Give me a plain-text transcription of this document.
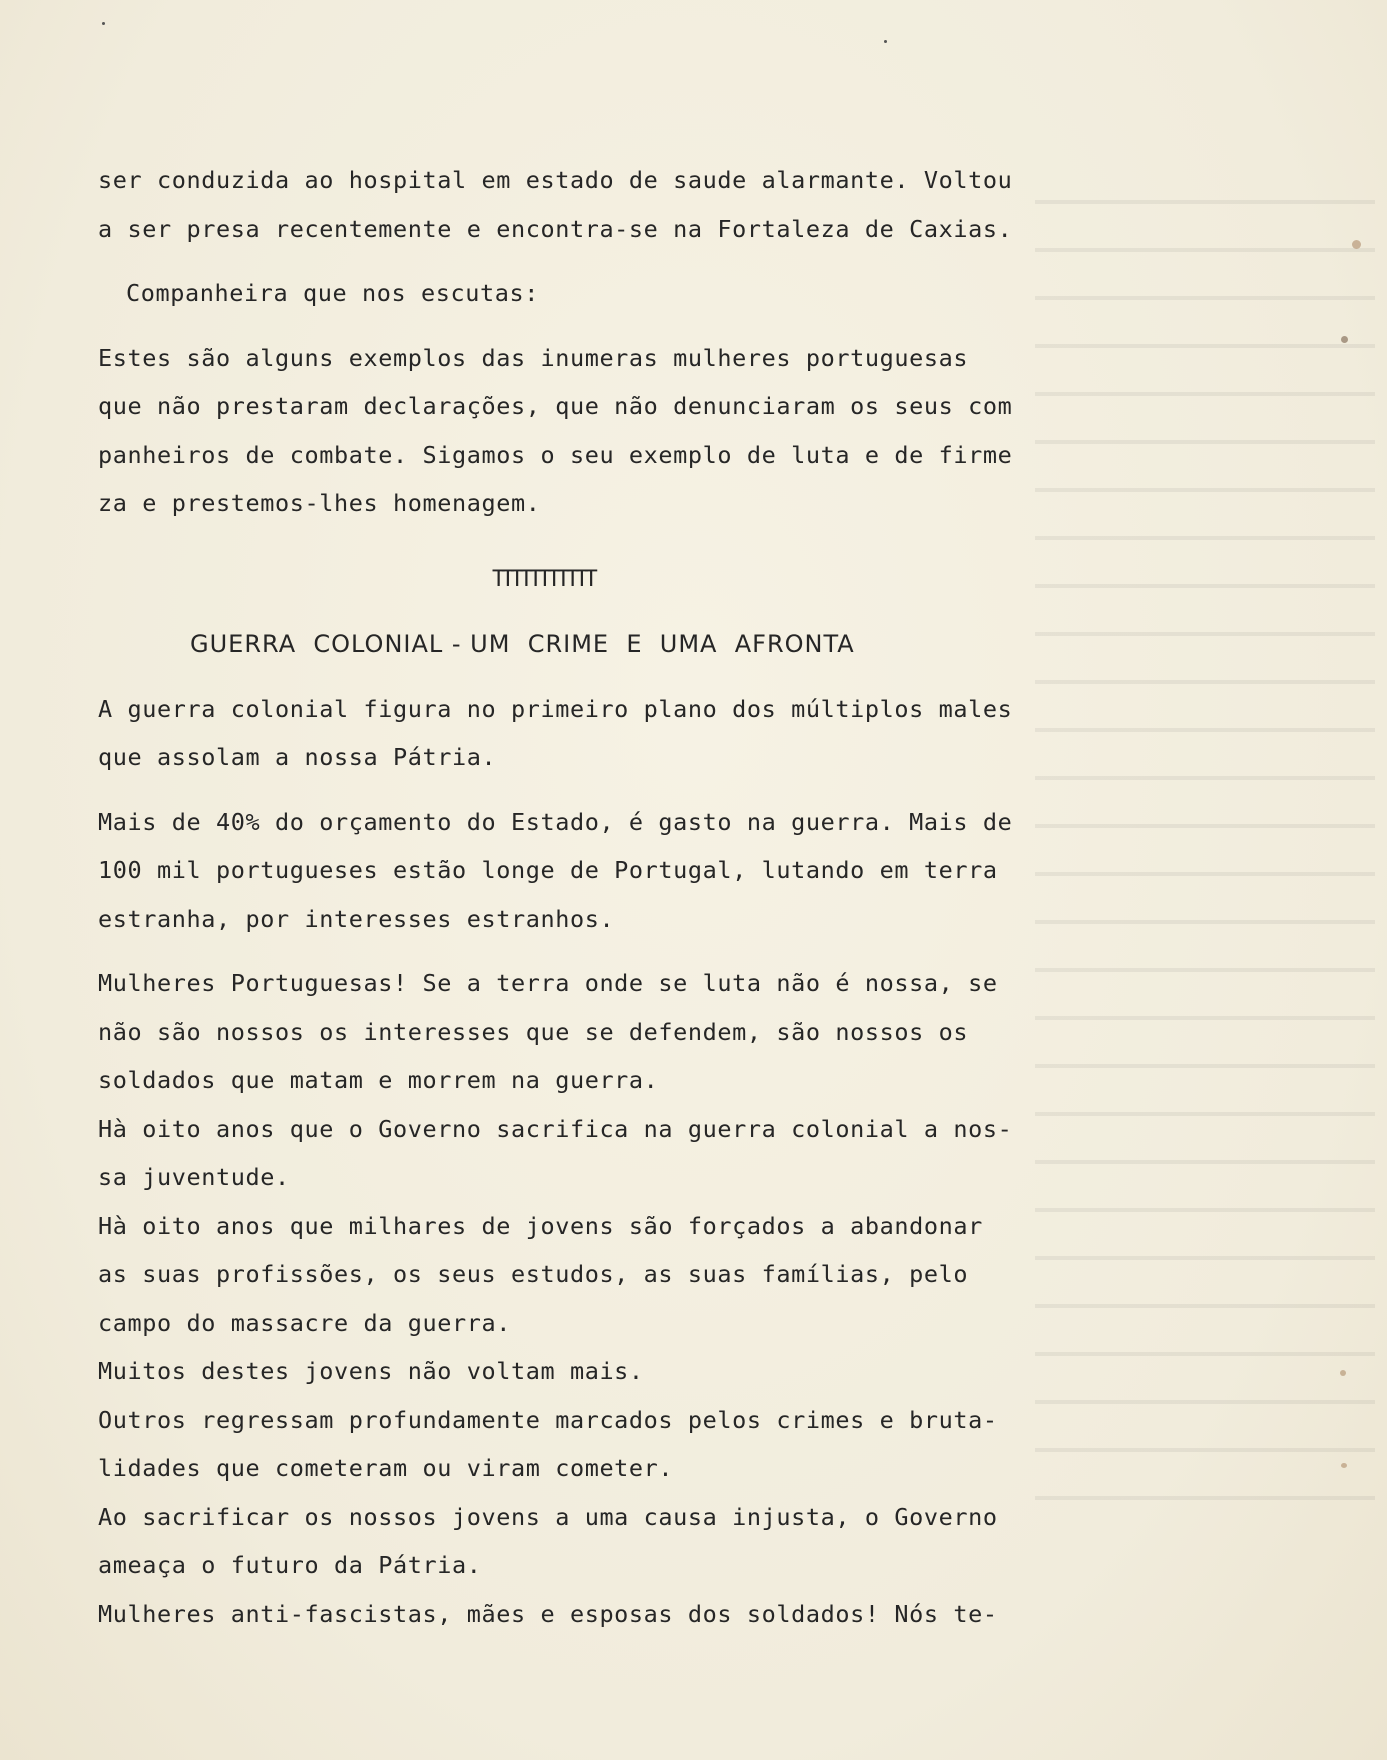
ser conduzida ao hospital em estado de saude alarmante. Voltou
a ser presa recentemente e encontra-se na Fortaleza de Caxias.
Companheira que nos escutas:
Estes são alguns exemplos das inumeras mulheres portuguesas
que não prestaram declarações, que não denunciaram os seus com
panheiros de combate. Sigamos o seu exemplo de luta e de firme
za e prestemos-lhes homenagem.
TTTTTTTTTTT
GUERRA  COLONIAL - UM  CRIME  E  UMA  AFRONTA
A guerra colonial figura no primeiro plano dos múltiplos males
que assolam a nossa Pátria.
Mais de 40% do orçamento do Estado, é gasto na guerra. Mais de
100 mil portugueses estão longe de Portugal, lutando em terra
estranha, por interesses estranhos.
Mulheres Portuguesas! Se a terra onde se luta não é nossa, se
não são nossos os interesses que se defendem, são nossos os
soldados que matam e morrem na guerra.
Hà oito anos que o Governo sacrifica na guerra colonial a nos-
sa juventude.
Hà oito anos que milhares de jovens são forçados a abandonar
as suas profissões, os seus estudos, as suas famílias, pelo
campo do massacre da guerra.
Muitos destes jovens não voltam mais.
Outros regressam profundamente marcados pelos crimes e bruta-
lidades que cometeram ou viram cometer.
Ao sacrificar os nossos jovens a uma causa injusta, o Governo
ameaça o futuro da Pátria.
Mulheres anti-fascistas, mães e esposas dos soldados! Nós te-
